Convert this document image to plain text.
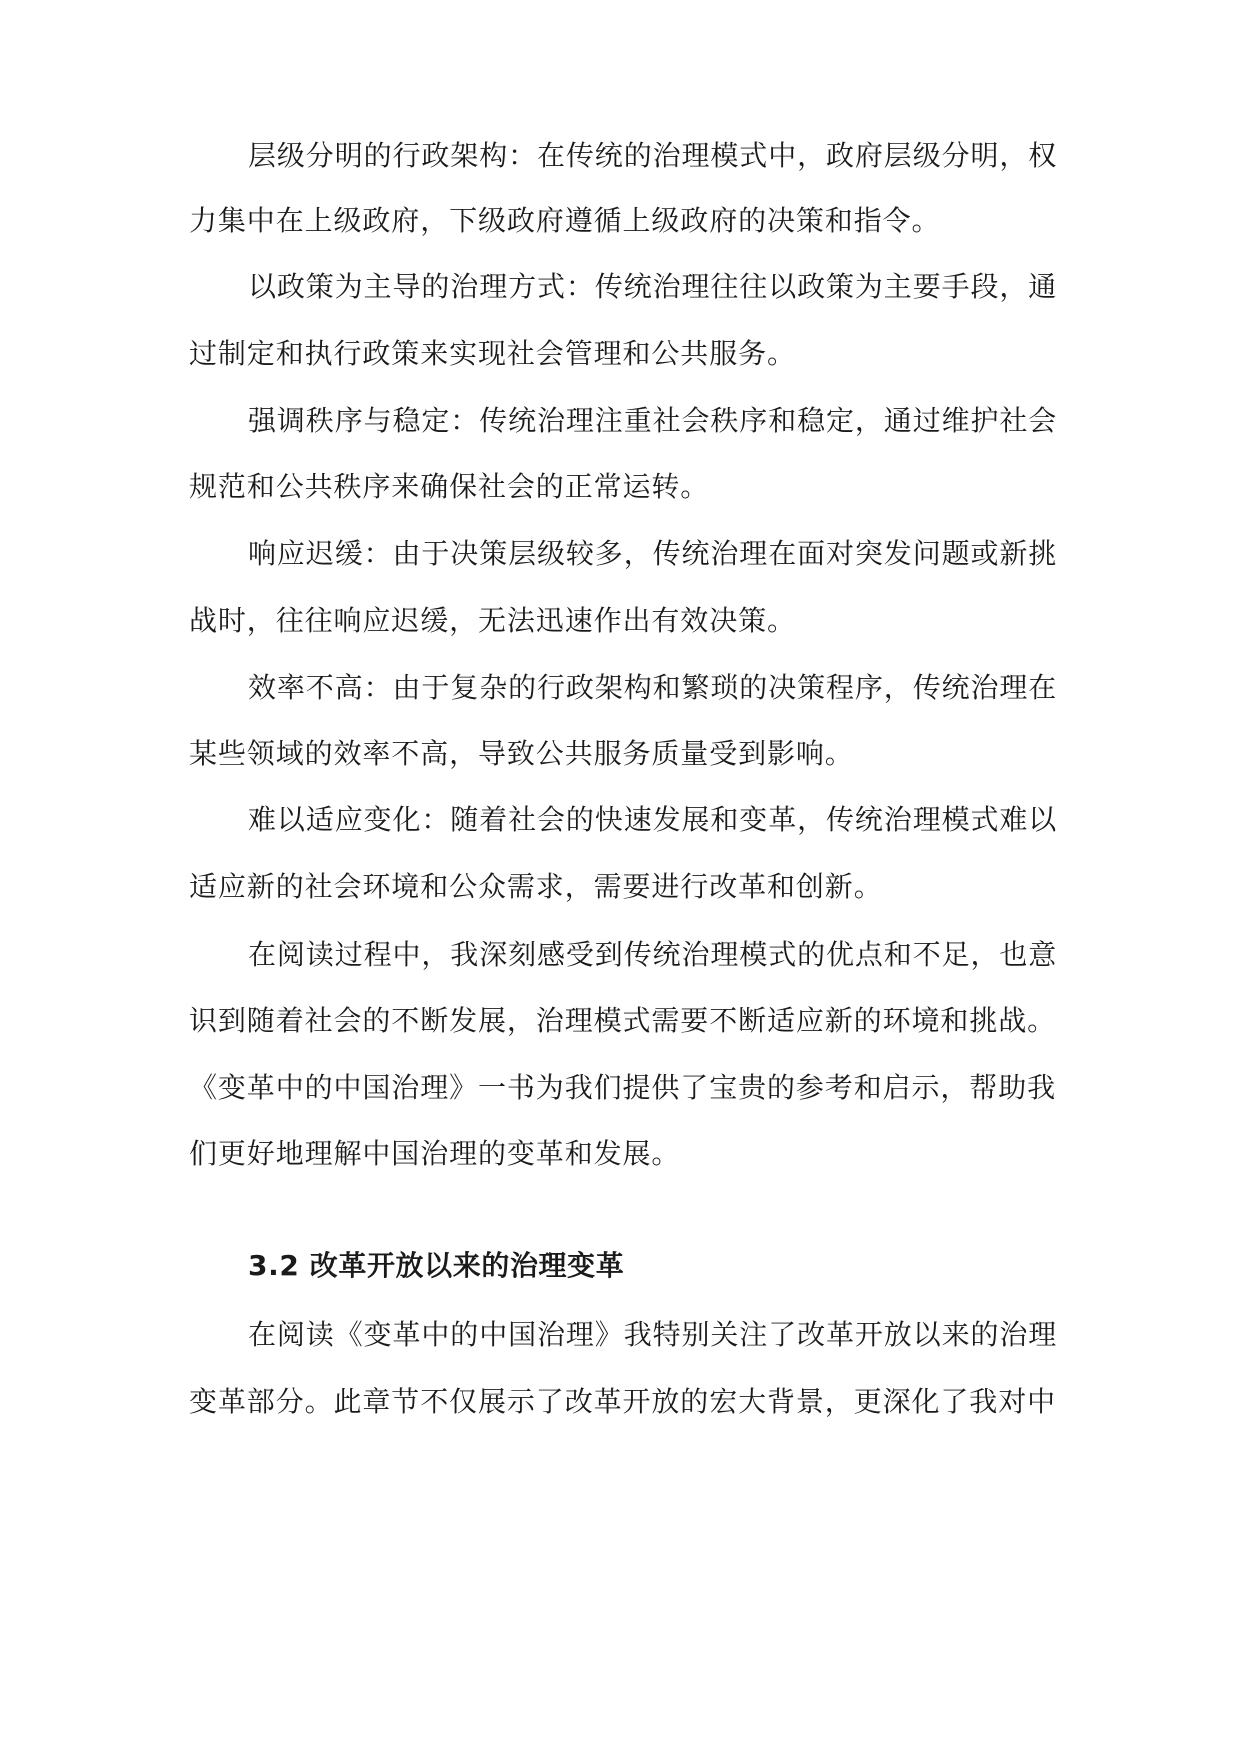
层级分明的行政架构：在传统的治理模式中，政府层级分明，权
力集中在上级政府，下级政府遵循上级政府的决策和指令。
以政策为主导的治理方式：传统治理往往以政策为主要手段，通
过制定和执行政策来实现社会管理和公共服务。
强调秩序与稳定：传统治理注重社会秩序和稳定，通过维护社会
规范和公共秩序来确保社会的正常运转。
响应迟缓：由于决策层级较多，传统治理在面对突发问题或新挑
战时，往往响应迟缓，无法迅速作出有效决策。
效率不高：由于复杂的行政架构和繁琐的决策程序，传统治理在
某些领域的效率不高，导致公共服务质量受到影响。
难以适应变化：随着社会的快速发展和变革，传统治理模式难以
适应新的社会环境和公众需求，需要进行改革和创新。
在阅读过程中，我深刻感受到传统治理模式的优点和不足，也意
识到随着社会的不断发展，治理模式需要不断适应新的环境和挑战。
《变革中的中国治理》一书为我们提供了宝贵的参考和启示，帮助我
们更好地理解中国治理的变革和发展。
3.2 改革开放以来的治理变革
在阅读《变革中的中国治理》我特别关注了改革开放以来的治理
变革部分。此章节不仅展示了改革开放的宏大背景，更深化了我对中
